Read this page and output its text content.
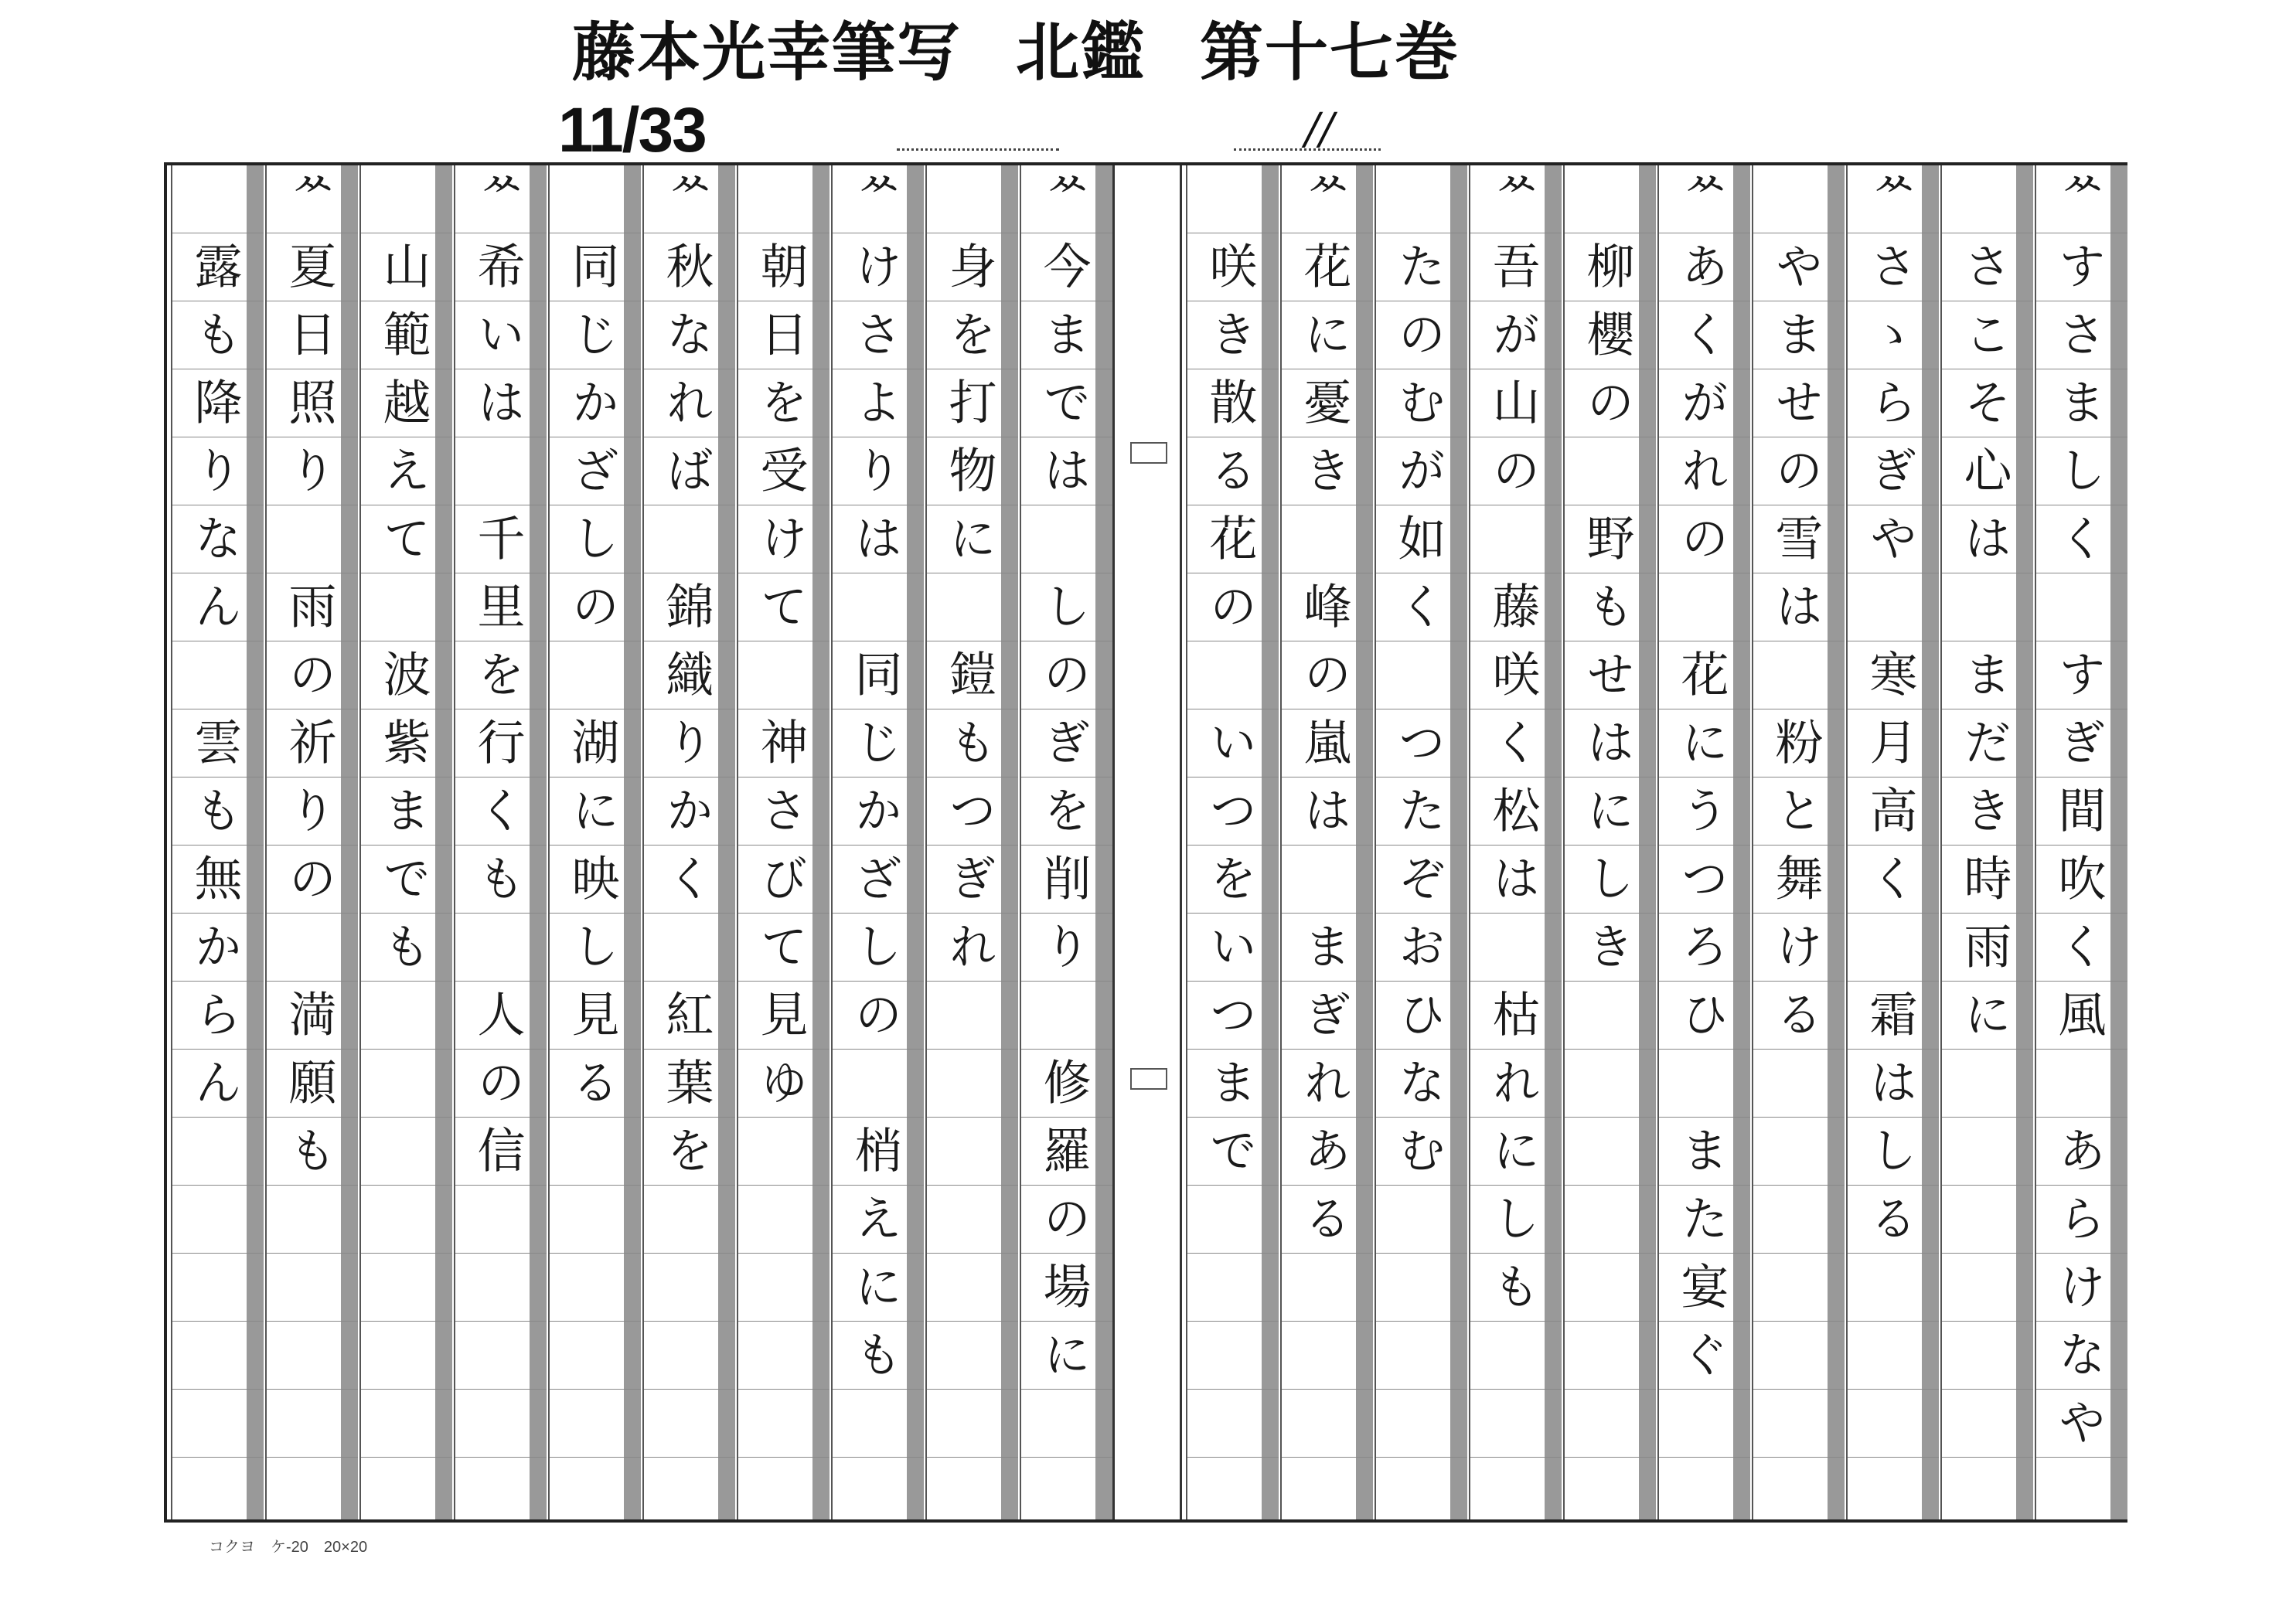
藤本光幸筆写 北鑑 第十七巻
11/33	//
ᄊすさましく　すぎ間吹く風　あらけなや
　さこそ心は　まだき時雨に
ᄊさゝらぎや　寒月高く　霜はしる
　やませの雪は　粉と舞ける
ᄊあくがれの　花にうつろひ　また宴ぐ
　柳櫻の　野もせはにしき
ᄊ吾が山の　藤咲く松は　枯れにしも
　たのむが如く　つたぞおひなむ
ᄊ花に憂き　峰の嵐は　まぎれある
　咲き散る花の　いつをいつまで
ᄊ今までは　しのぎを削り　修羅の場に
　身を打物に　鎧もつぎれ
ᄊけさよりは　同じかざしの　梢えにも
　朝日を受けて　神さびて見ゆ
ᄊ秋なれば　錦織りかく　紅葉を
　同じかざしの　湖に映し見る
ᄊ希いは　千里を行くも　人の信
　山範越えて　波紫までも
ᄊ夏日照り　雨の祈りの　満願も
　露も降りなん　雲も無からん
コクヨ　ケ-20　20×20
